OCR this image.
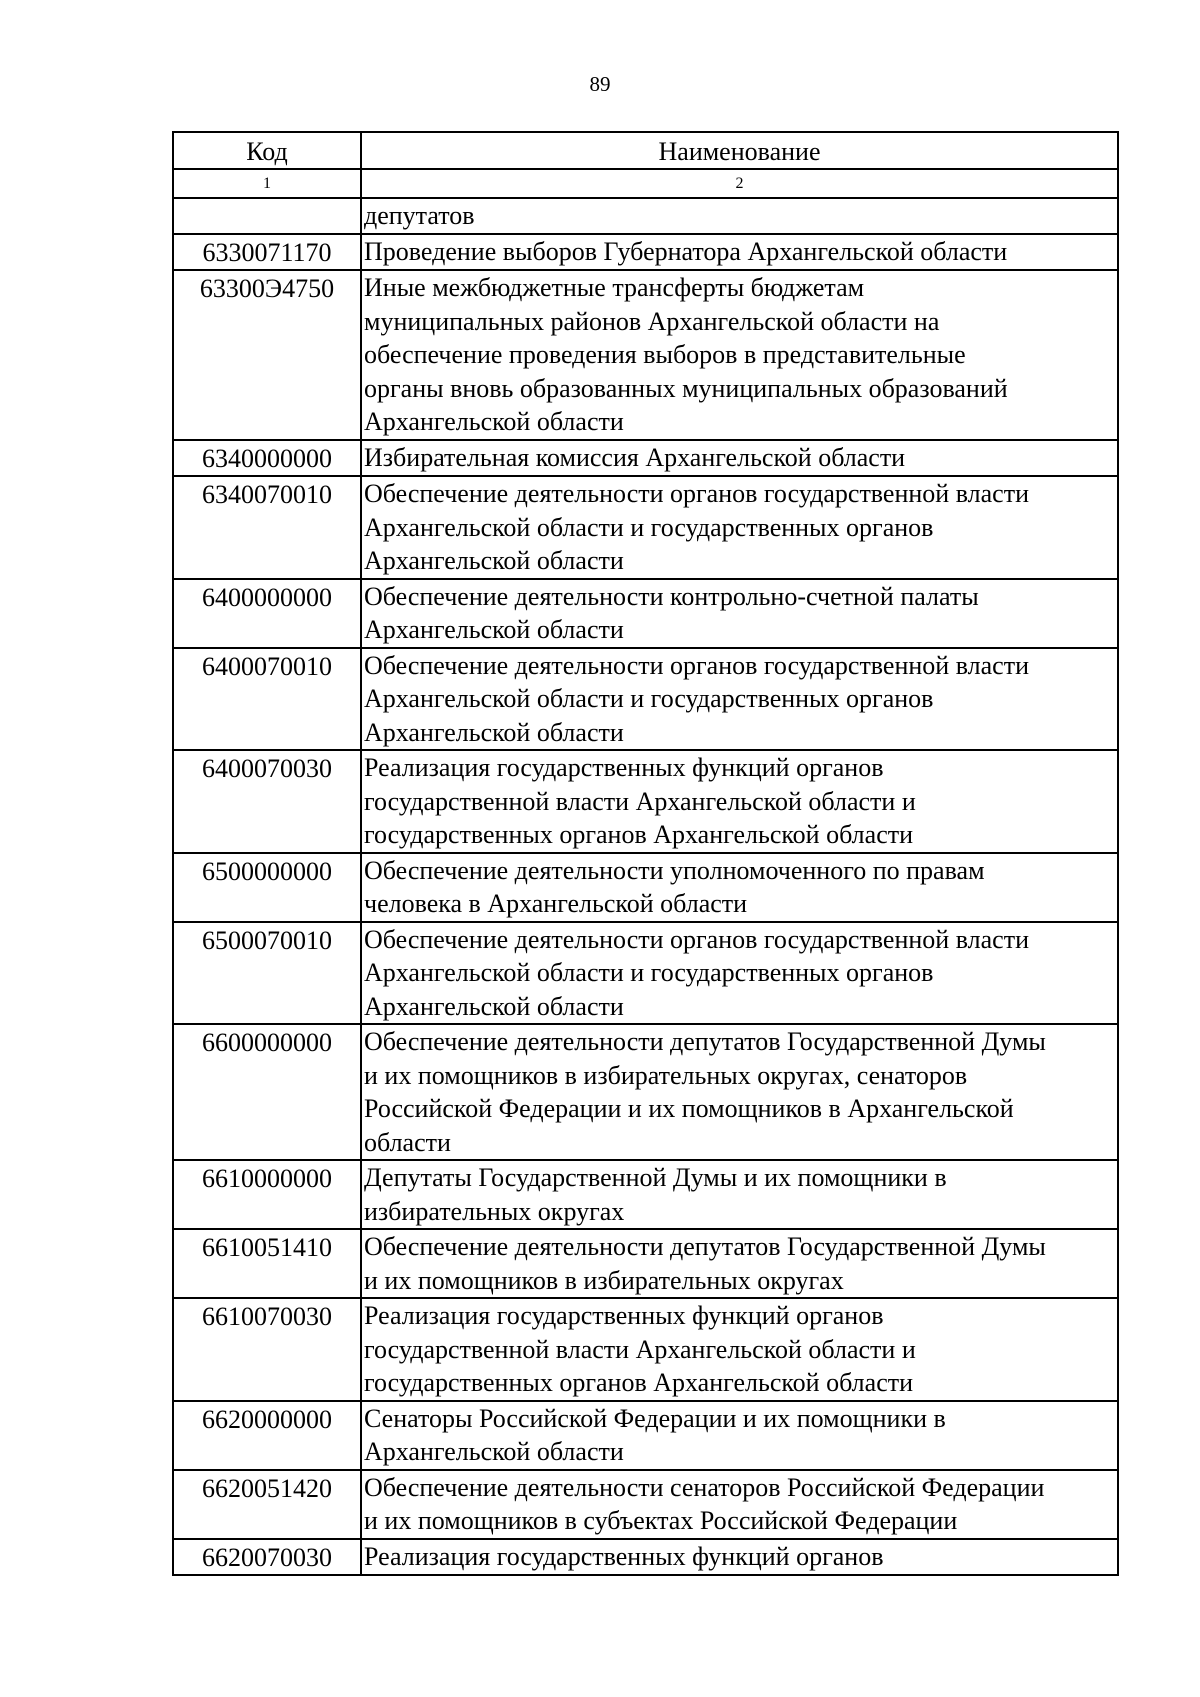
89
Код	Наименование
1	2

	депутатов

6330071170	Проведение выборов Губернатора Архангельской области

63300Э4750	Иные межбюджетные трансферты бюджетам
муниципальных районов Архангельской области на
обеспечение проведения выборов в представительные
органы вновь образованных муниципальных образований
Архангельской области

6340000000	Избирательная комиссия Архангельской области

6340070010	Обеспечение деятельности органов государственной власти
Архангельской области и государственных органов
Архангельской области

6400000000	Обеспечение деятельности контрольно-счетной палаты
Архангельской области

6400070010	Обеспечение деятельности органов государственной власти
Архангельской области и государственных органов
Архангельской области

6400070030	Реализация государственных функций органов
государственной власти Архангельской области и
государственных органов Архангельской области

6500000000	Обеспечение деятельности уполномоченного по правам
человека в Архангельской области

6500070010	Обеспечение деятельности органов государственной власти
Архангельской области и государственных органов
Архангельской области

6600000000	Обеспечение деятельности депутатов Государственной Думы
и их помощников в избирательных округах, сенаторов
Российской Федерации и их помощников в Архангельской
области

6610000000	Депутаты Государственной Думы и их помощники в
избирательных округах

6610051410	Обеспечение деятельности депутатов Государственной Думы
и их помощников в избирательных округах

6610070030	Реализация государственных функций органов
государственной власти Архангельской области и
государственных органов Архангельской области

6620000000	Сенаторы Российской Федерации и их помощники в
Архангельской области

6620051420	Обеспечение деятельности сенаторов Российской Федерации
и их помощников в субъектах Российской Федерации

6620070030	Реализация государственных функций органов
